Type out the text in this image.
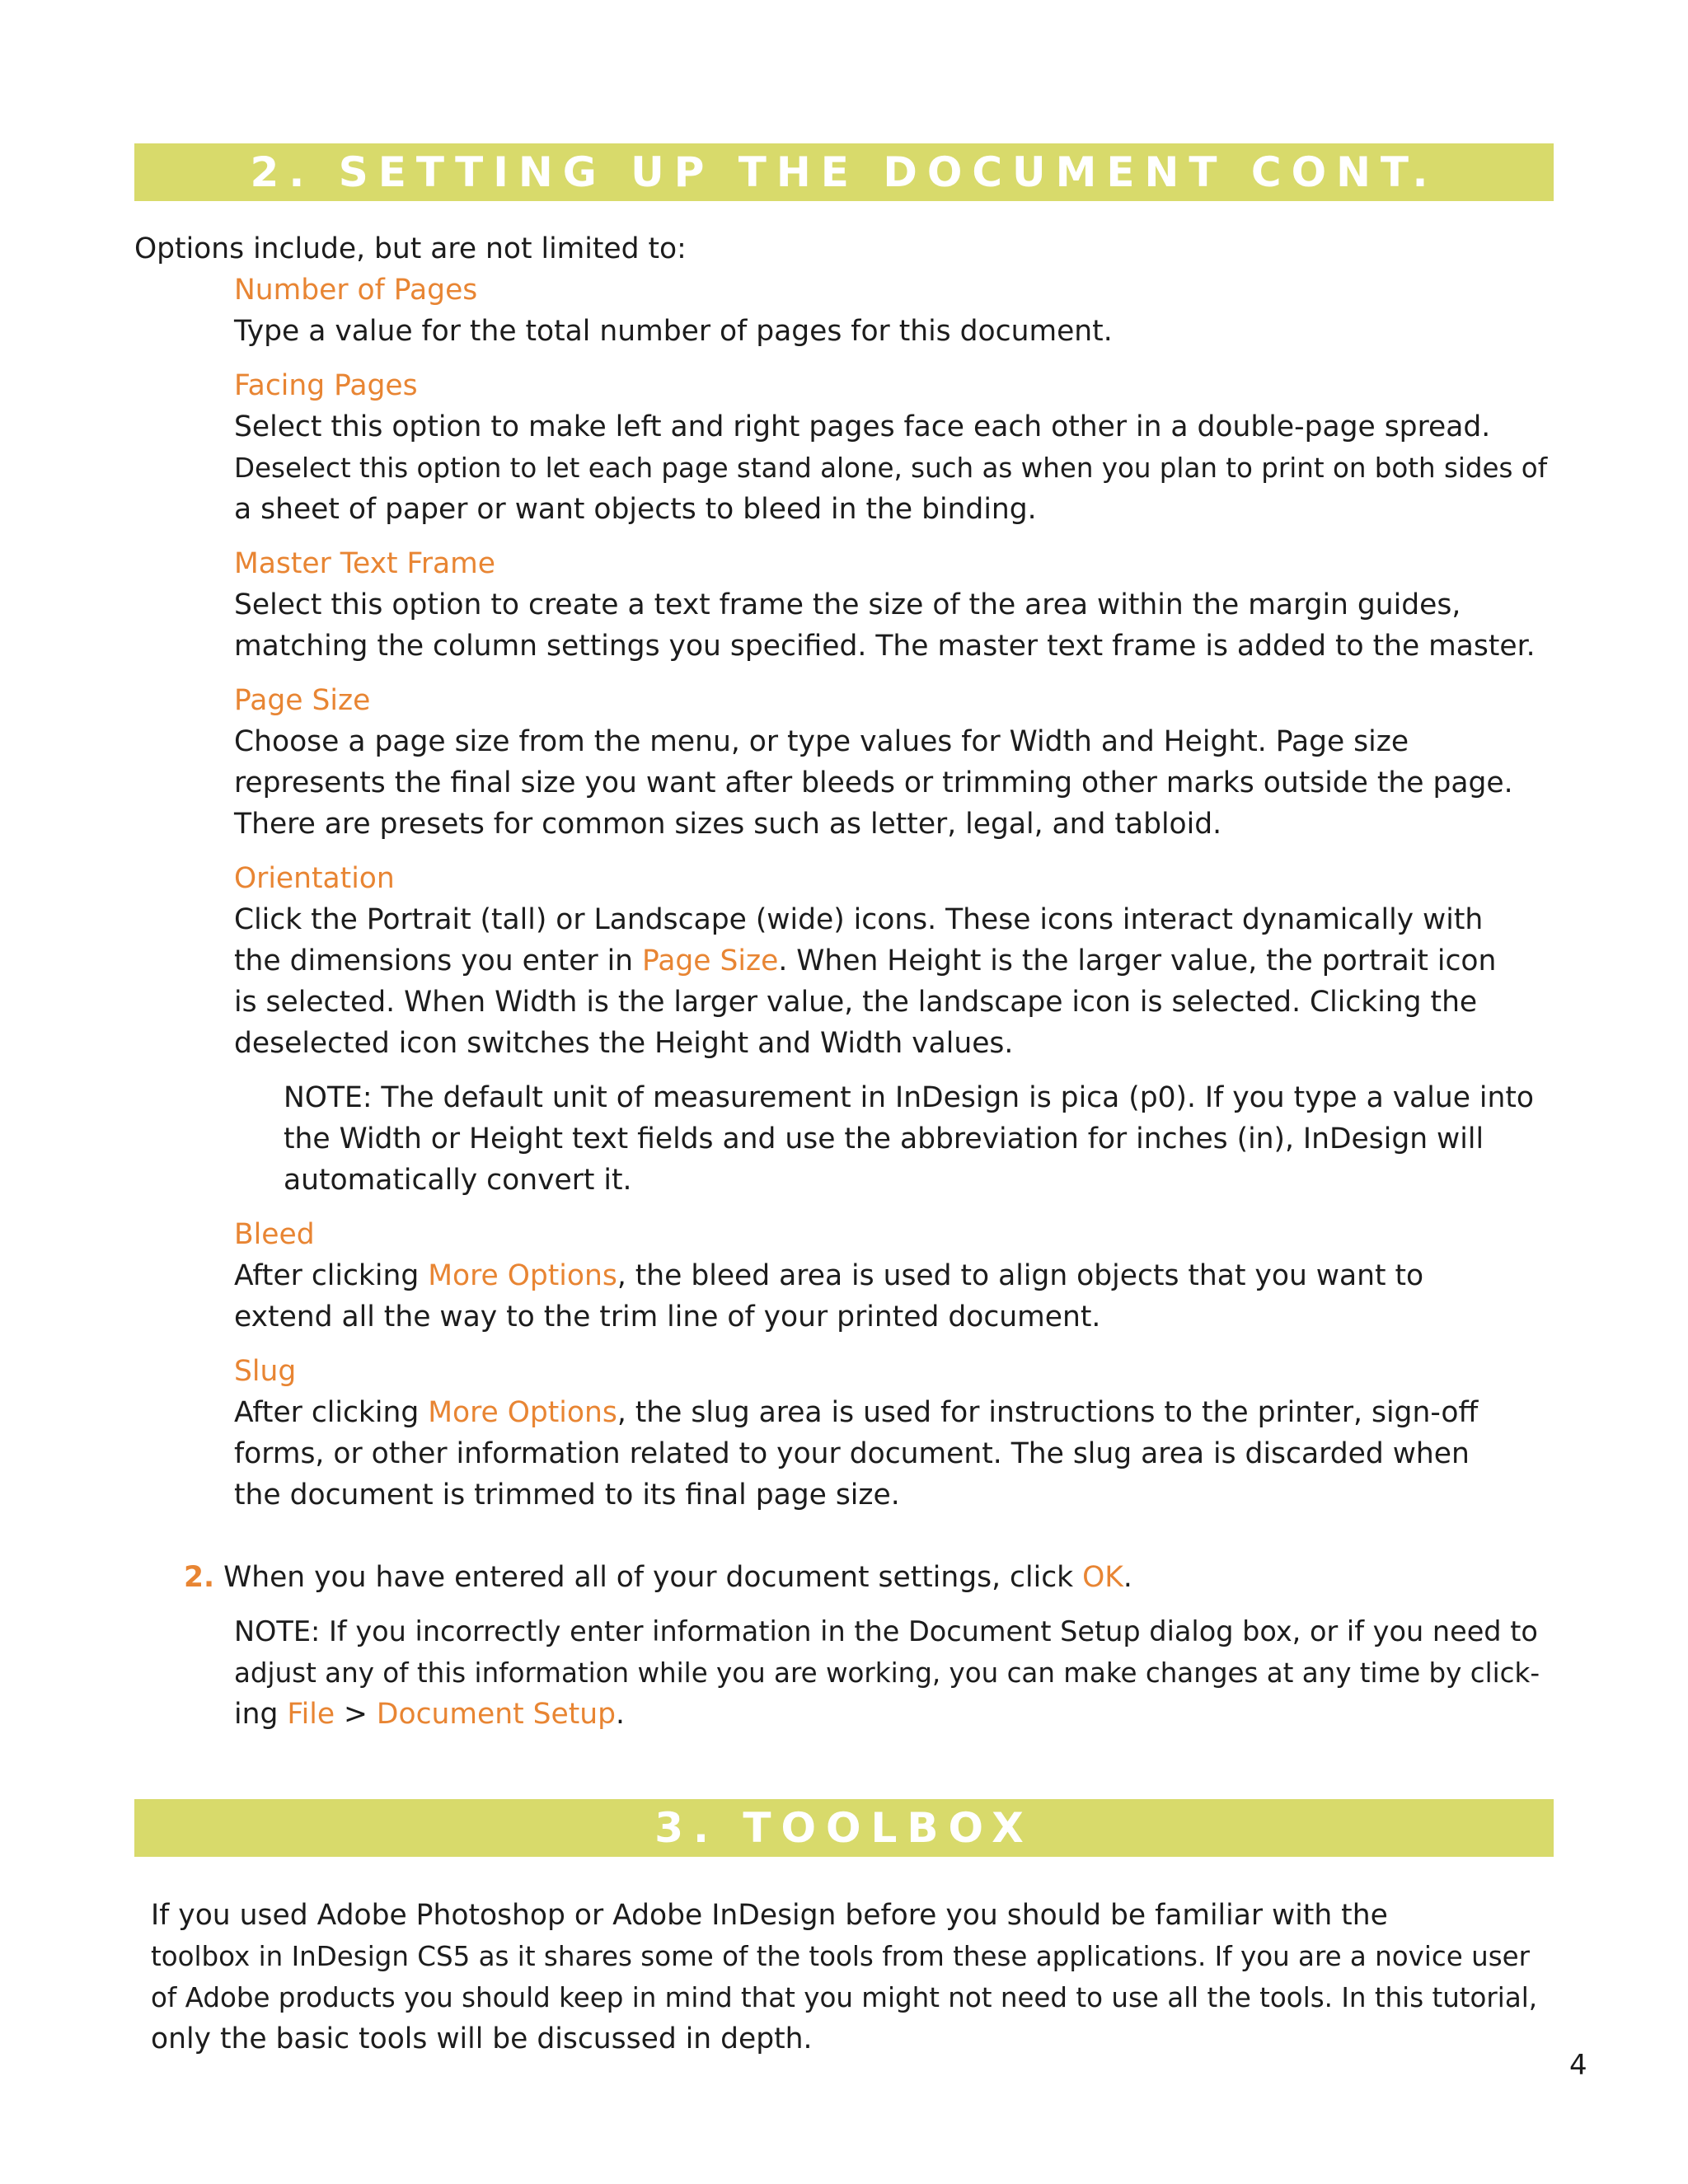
2. SETTING UP THE DOCUMENT CONT.
Options include, but are not limited to:
Number of Pages
Type a value for the total number of pages for this document.
Facing Pages
Select this option to make left and right pages face each other in a double-page spread.
Deselect this option to let each page stand alone, such as when you plan to print on both sides of
a sheet of paper or want objects to bleed in the binding.
Master Text Frame
Select this option to create a text frame the size of the area within the margin guides,
matching the column settings you specified. The master text frame is added to the master.
Page Size
Choose a page size from the menu, or type values for Width and Height. Page size
represents the final size you want after bleeds or trimming other marks outside the page.
There are presets for common sizes such as letter, legal, and tabloid.
Orientation
Click the Portrait (tall) or Landscape (wide) icons. These icons interact dynamically with
the dimensions you enter in Page Size. When Height is the larger value, the portrait icon
is selected. When Width is the larger value, the landscape icon is selected. Clicking the
deselected icon switches the Height and Width values.
NOTE: The default unit of measurement in InDesign is pica (p0). If you type a value into
the Width or Height text fields and use the abbreviation for inches (in), InDesign will
automatically convert it.
Bleed
After clicking More Options, the bleed area is used to align objects that you want to
extend all the way to the trim line of your printed document.
Slug
After clicking More Options, the slug area is used for instructions to the printer, sign-off
forms, or other information related to your document. The slug area is discarded when
the document is trimmed to its final page size.
2. When you have entered all of your document settings, click OK.
NOTE: If you incorrectly enter information in the Document Setup dialog box, or if you need to
adjust any of this information while you are working, you can make changes at any time by click-
ing File > Document Setup.
3. TOOLBOX
If you used Adobe Photoshop or Adobe InDesign before you should be familiar with the
toolbox in InDesign CS5 as it shares some of the tools from these applications. If you are a novice user
of Adobe products you should keep in mind that you might not need to use all the tools. In this tutorial,
only the basic tools will be discussed in depth.
4
